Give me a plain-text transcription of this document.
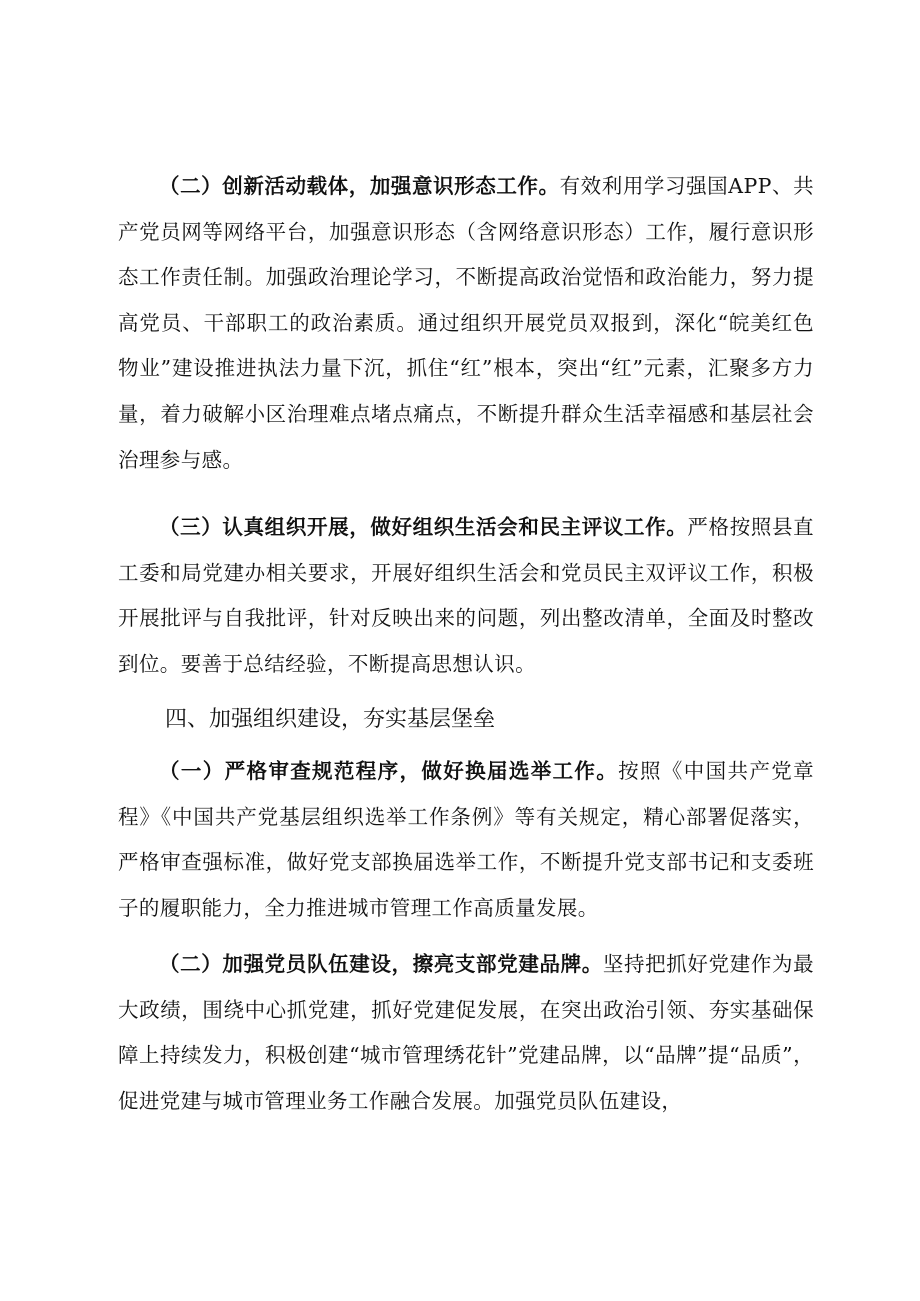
（二）创新活动载体，加强意识形态工作。有效利用学习强国APP、共产党员网等网络平台，加强意识形态（含网络意识形态）工作，履行意识形态工作责任制。加强政治理论学习，不断提高政治觉悟和政治能力，努力提高党员、干部职工的政治素质。通过组织开展党员双报到，深化“皖美红色物业”建设推进执法力量下沉，抓住“红”根本，突出“红”元素，汇聚多方力量，着力破解小区治理难点堵点痛点，不断提升群众生活幸福感和基层社会治理参与感。

（三）认真组织开展，做好组织生活会和民主评议工作。严格按照县直工委和局党建办相关要求，开展好组织生活会和党员民主双评议工作，积极开展批评与自我批评，针对反映出来的问题，列出整改清单，全面及时整改到位。要善于总结经验，不断提高思想认识。

四、加强组织建设，夯实基层堡垒

（一）严格审查规范程序，做好换届选举工作。按照《中国共产党章程》《中国共产党基层组织选举工作条例》等有关规定，精心部署促落实，严格审查强标准，做好党支部换届选举工作，不断提升党支部书记和支委班子的履职能力，全力推进城市管理工作高质量发展。

（二）加强党员队伍建设，擦亮支部党建品牌。坚持把抓好党建作为最大政绩，围绕中心抓党建，抓好党建促发展，在突出政治引领、夯实基础保障上持续发力，积极创建“城市管理绣花针”党建品牌，以“品牌”提“品质”，促进党建与城市管理业务工作融合发展。加强党员队伍建设，
